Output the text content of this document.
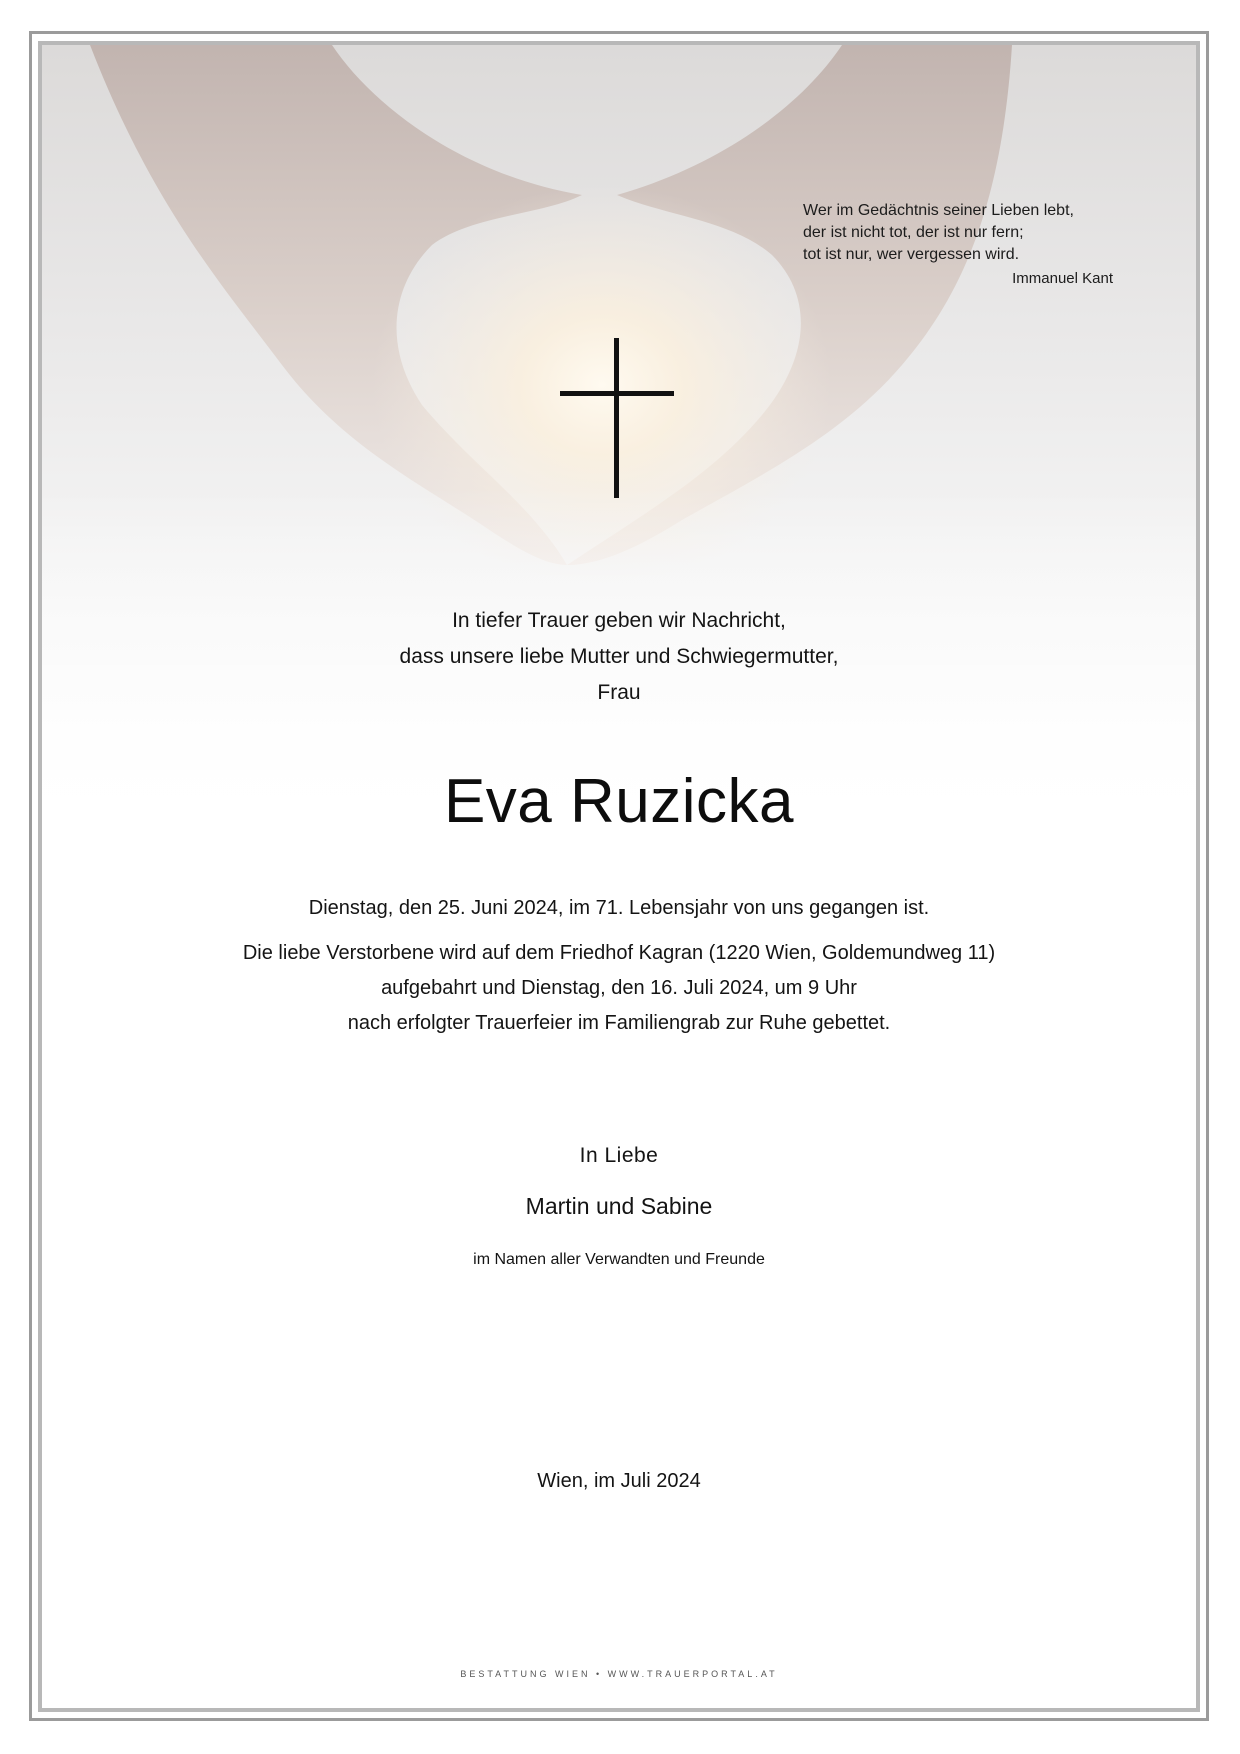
Wer im Gedächtnis seiner Lieben lebt,
der ist nicht tot, der ist nur fern;
tot ist nur, wer vergessen wird.
Immanuel Kant
In tiefer Trauer geben wir Nachricht,
dass unsere liebe Mutter und Schwiegermutter,
Frau
Eva Ruzicka
Dienstag, den 25. Juni 2024, im 71. Lebensjahr von uns gegangen ist.
Die liebe Verstorbene wird auf dem Friedhof Kagran (1220 Wien, Goldemundweg 11)
aufgebahrt und Dienstag, den 16. Juli 2024, um 9 Uhr
nach erfolgter Trauerfeier im Familiengrab zur Ruhe gebettet.
In Liebe
Martin und Sabine
im Namen aller Verwandten und Freunde
Wien, im Juli 2024
BESTATTUNG WIEN • WWW.TRAUERPORTAL.AT
